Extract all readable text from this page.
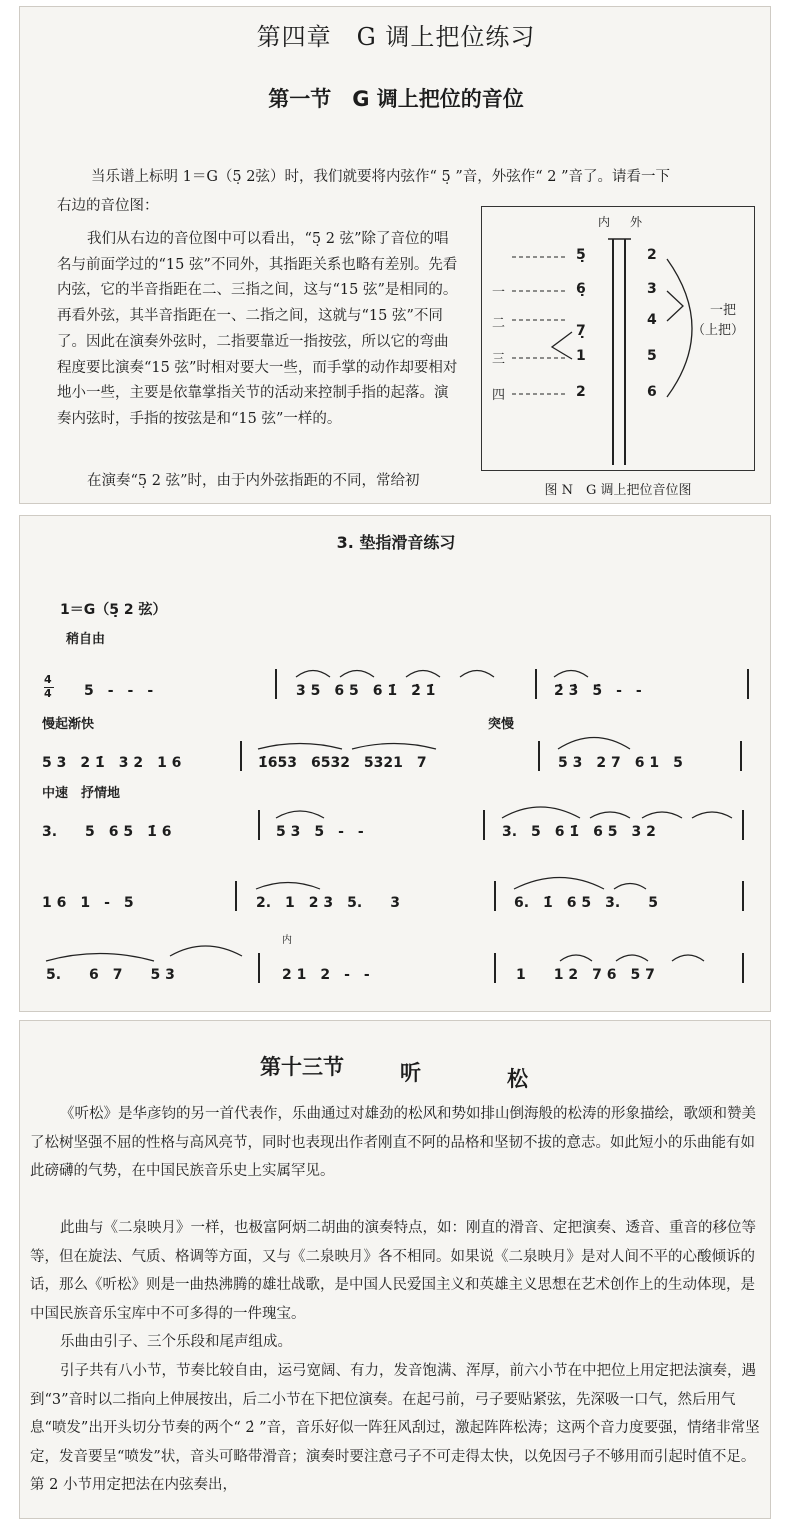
第四章　G 调上把位练习
第一节　G 调上把位的音位
当乐谱上标明 1＝G（5̣ 2弦）时，我们就要将内弦作“ 5̣ ”音，外弦作“ 2 ”音了。请看一下
右边的音位图：
我们从右边的音位图中可以看出，“5̣ 2 弦”除了音位的唱名与前面学过的“15 弦”不同外，其指距关系也略有差别。先看内弦，它的半音指距在二、三指之间，这与“15 弦”是相同的。再看外弦，其半音指距在一、二指之间，这就与“15 弦”不同了。因此在演奏外弦时，二指要靠近一指按弦，所以它的弯曲程度要比演奏“15 弦”时相对要大一些，而手掌的动作却要相对地小一些，主要是依靠掌指关节的活动来控制手指的起落。演奏内弦时，手指的按弦是和“15 弦”一样的。
在演奏“5̣ 2 弦”时，由于内外弦指距的不同，常给初
内 外
5̣
6̣
7̣
1
2
2
3
4
5
6
一
二
三
四
一把
（上把）
图 N　G 调上把位音位图
3. 垫指滑音练习
1＝G（5̣ 2 弦）
稍自由
4
4 5　-　-　-	3 5　6 5　6 1̇　2̇ 1̇	2̇ 3̇　5̇　-　-
慢起渐快	突慢
5 3　2 1̇　3 2　1 6	1̇653　6532　5321　7	5 3　2 7　6 1　5
中速　抒情地
3.　　5　6 5　1̇ 6	5 3　5　-　-	3.　5　6 1̇　6 5　3 2
1 6　1　-　5	2.　1　2 3　5.　　3	6.　1̇　6 5　3.　　5
内
5.　　6　7　　5 3	2 1　2　-　-	1　　1 2　7 6　5 7
第十三节	听	松
《听松》是华彦钧的另一首代表作，乐曲通过对雄劲的松风和势如排山倒海般的松涛的形象描绘，歌颂和赞美了松树坚强不屈的性格与高风亮节，同时也表现出作者刚直不阿的品格和坚韧不拔的意志。如此短小的乐曲能有如此磅礴的气势，在中国民族音乐史上实属罕见。
此曲与《二泉映月》一样，也极富阿炳二胡曲的演奏特点，如：刚直的滑音、定把演奏、透音、重音的移位等等，但在旋法、气质、格调等方面，又与《二泉映月》各不相同。如果说《二泉映月》是对人间不平的心酸倾诉的话，那么《听松》则是一曲热沸腾的雄壮战歌，是中国人民爱国主义和英雄主义思想在艺术创作上的生动体现，是中国民族音乐宝库中不可多得的一件瑰宝。
乐曲由引子、三个乐段和尾声组成。
引子共有八小节，节奏比较自由，运弓宽阔、有力，发音饱满、浑厚，前六小节在中把位上用定把法演奏，遇到“3”音时以二指向上伸展按出，后二小节在下把位演奏。在起弓前，弓子要贴紧弦，先深吸一口气，然后用气息“喷发”出开头切分节奏的两个“ 2̇ ”音，音乐好似一阵狂风刮过，激起阵阵松涛；这两个音力度要强，情绪非常坚定，发音要呈“喷发”状，音头可略带滑音；演奏时要注意弓子不可走得太快，以免因弓子不够用而引起时值不足。第 2 小节用定把法在内弦奏出，
